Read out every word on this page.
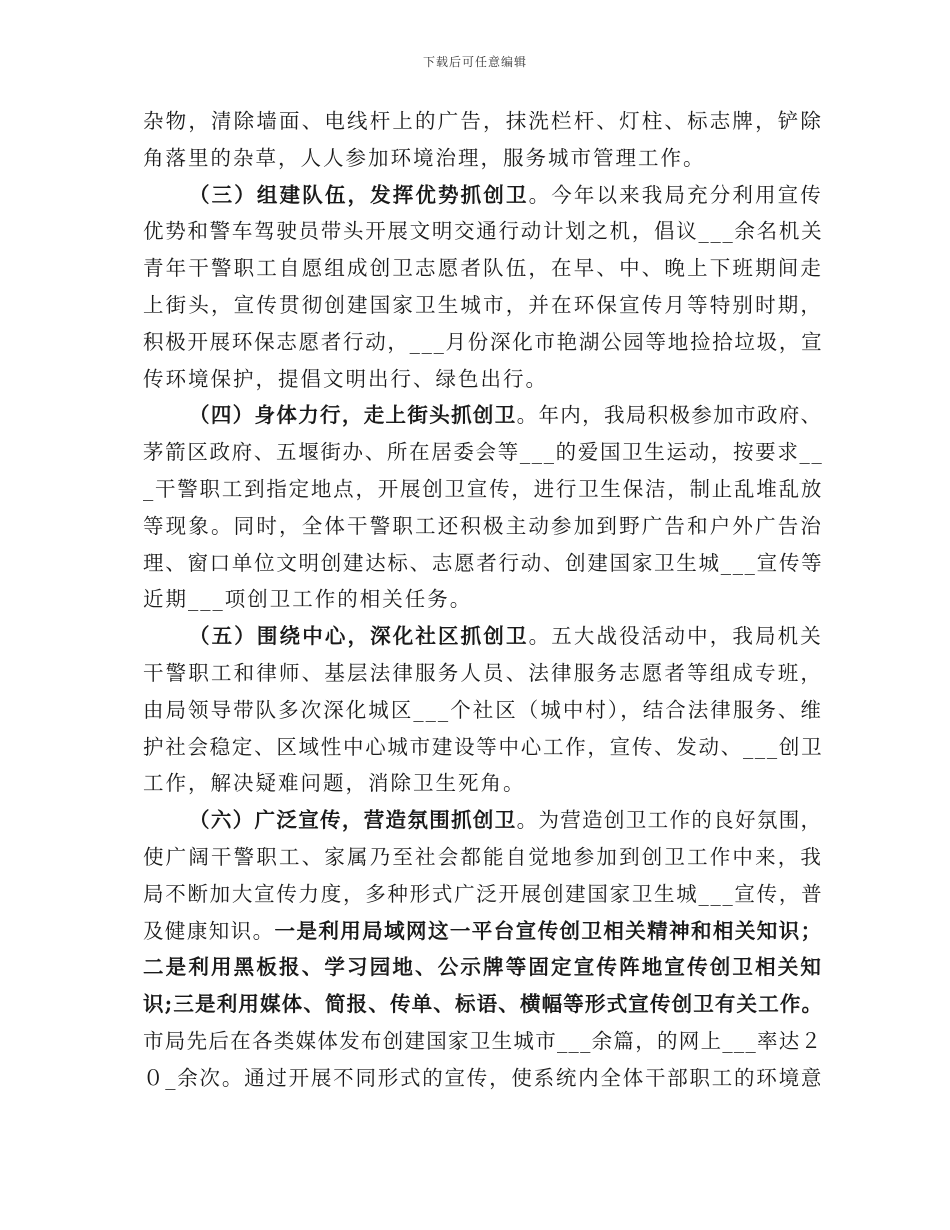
下载后可任意编辑
杂物，清除墙面、电线杆上的广告，抹洗栏杆、灯柱、标志牌，铲除
角落里的杂草，人人参加环境治理，服务城市管理工作。
（三）组建队伍，发挥优势抓创卫。今年以来我局充分利用宣传
优势和警车驾驶员带头开展文明交通行动计划之机，倡议___余名机关
青年干警职工自愿组成创卫志愿者队伍，在早、中、晚上下班期间走
上街头，宣传贯彻创建国家卫生城市，并在环保宣传月等特别时期，
积极开展环保志愿者行动，___月份深化市艳湖公园等地捡拾垃圾，宣
传环境保护，提倡文明出行、绿色出行。
（四）身体力行，走上街头抓创卫。年内，我局积极参加市政府、
茅箭区政府、五堰街办、所在居委会等___的爱国卫生运动，按要求__
_干警职工到指定地点，开展创卫宣传，进行卫生保洁，制止乱堆乱放
等现象。同时，全体干警职工还积极主动参加到野广告和户外广告治
理、窗口单位文明创建达标、志愿者行动、创建国家卫生城___宣传等
近期___项创卫工作的相关任务。
（五）围绕中心，深化社区抓创卫。五大战役活动中，我局机关
干警职工和律师、基层法律服务人员、法律服务志愿者等组成专班，
由局领导带队多次深化城区___个社区（城中村），结合法律服务、维
护社会稳定、区域性中心城市建设等中心工作，宣传、发动、___创卫
工作，解决疑难问题，消除卫生死角。
（六）广泛宣传，营造氛围抓创卫。为营造创卫工作的良好氛围，
使广阔干警职工、家属乃至社会都能自觉地参加到创卫工作中来，我
局不断加大宣传力度，多种形式广泛开展创建国家卫生城___宣传，普
及健康知识。一是利用局域网这一平台宣传创卫相关精神和相关知识；
二是利用黑板报、学习园地、公示牌等固定宣传阵地宣传创卫相关知
识;三是利用媒体、简报、传单、标语、横幅等形式宣传创卫有关工作。
市局先后在各类媒体发布创建国家卫生城市___余篇，的网上___率达２
０_余次。通过开展不同形式的宣传，使系统内全体干部职工的环境意
